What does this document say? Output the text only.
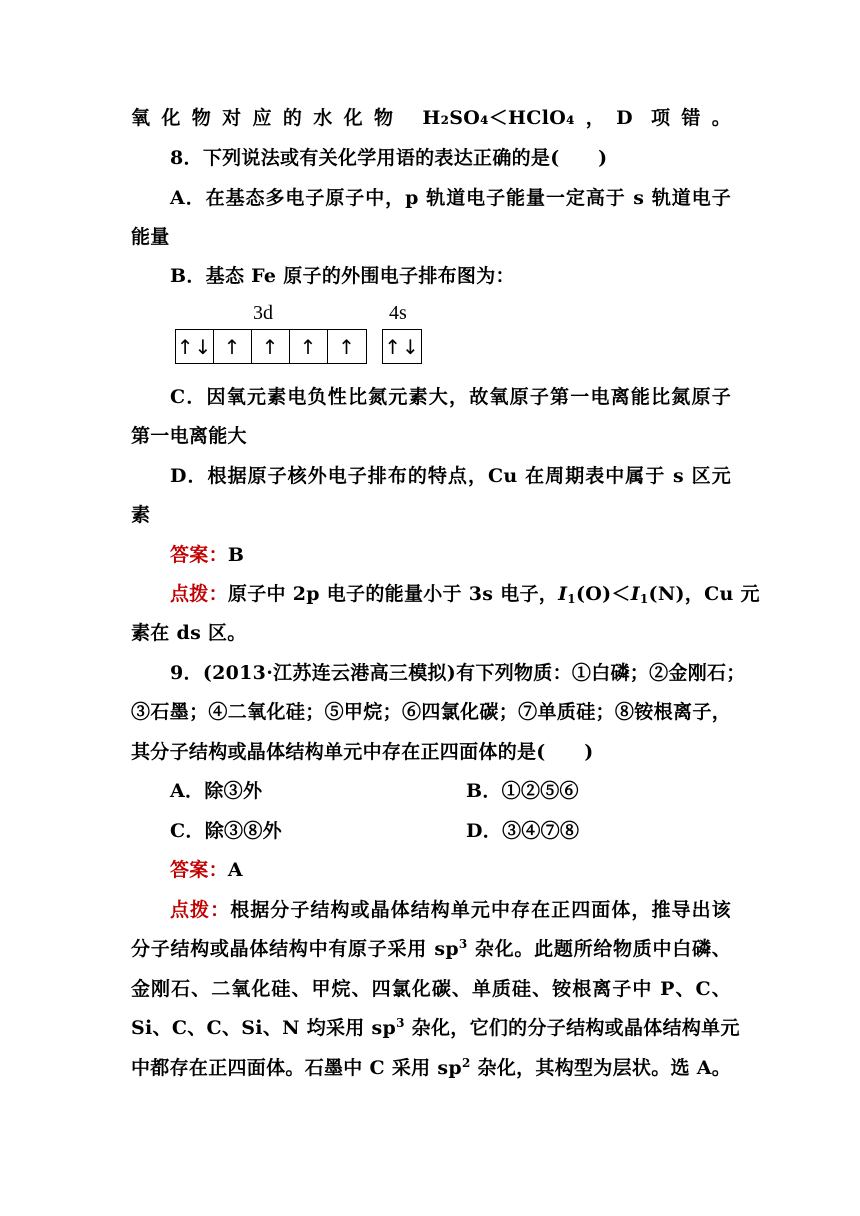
氧化物对应的水化物 H₂SO₄＜HClO₄，D 项错。
8．下列说法或有关化学用语的表达正确的是(　　)
A．在基态多电子原子中，p 轨道电子能量一定高于 s 轨道电子
能量
B．基态 Fe 原子的外围电子排布图为：
3d	4s
↑↓ ↑	↑	↑	↑	↑↓
C．因氧元素电负性比氮元素大，故氧原子第一电离能比氮原子
第一电离能大
D．根据原子核外电子排布的特点，Cu 在周期表中属于 s 区元
素
答案：B
点拨：原子中 2p 电子的能量小于 3s 电子，$I_1(O)<I_1(N)$，Cu 元
素在 ds 区。
9．(2013·江苏连云港高三模拟)有下列物质：①白磷；②金刚石；
③石墨；④二氧化硅；⑤甲烷；⑥四氯化碳；⑦单质硅；⑧铵根离子，
其分子结构或晶体结构单元中存在正四面体的是(　　)
A．除③外	B．①②⑤⑥
C．除③⑧外	D．③④⑦⑧
答案：A
点拨：根据分子结构或晶体结构单元中存在正四面体，推导出该
分子结构或晶体结构中有原子采用 $sp^3$ 杂化。此题所给物质中白磷、
金刚石、二氧化硅、甲烷、四氯化碳、单质硅、铵根离子中 P、C、
Si、C、C、Si、N 均采用 $sp^3$ 杂化，它们的分子结构或晶体结构单元
中都存在正四面体。石墨中 C 采用 $sp^2$ 杂化，其构型为层状。选 A。
